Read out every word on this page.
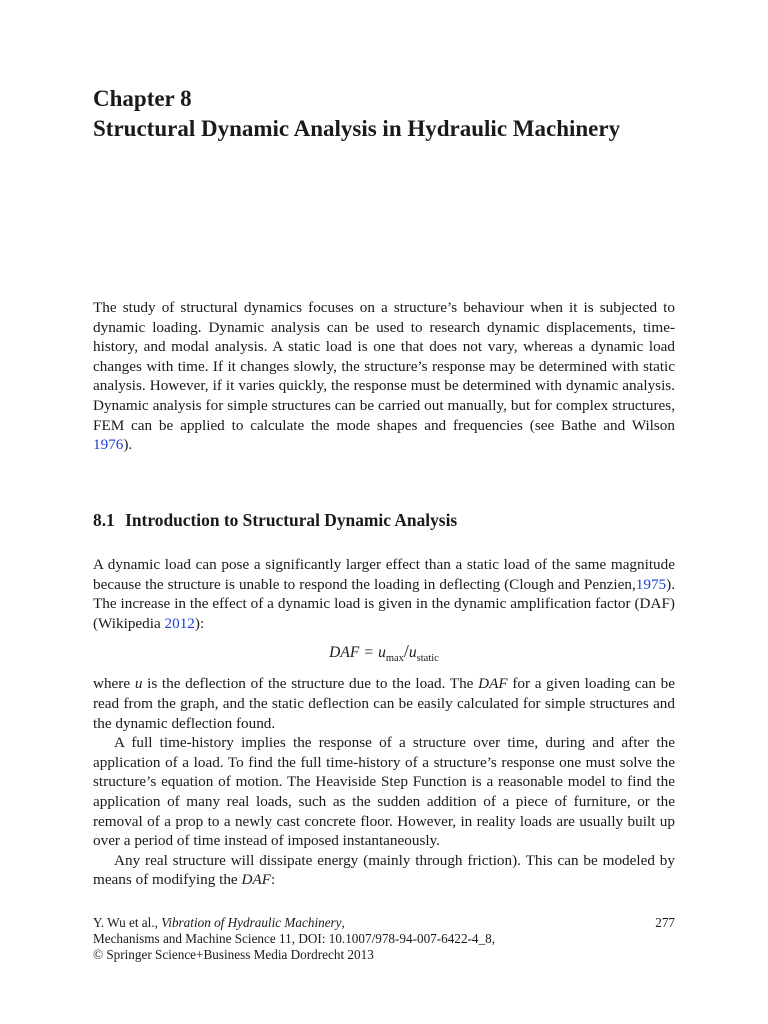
Chapter 8
Structural Dynamic Analysis in Hydraulic Machinery

The study of structural dynamics focuses on a structure’s behaviour when it is subjected to dynamic loading. Dynamic analysis can be used to research dynamic displacements, time-history, and modal analysis. A static load is one that does not vary, whereas a dynamic load changes with time. If it changes slowly, the structure’s response may be determined with static analysis. However, if it varies quickly, the response must be determined with dynamic analysis. Dynamic analysis for simple structures can be carried out manually, but for complex structures, FEM can be applied to calculate the mode shapes and frequencies (see Bathe and Wilson 1976).

8.1 Introduction to Structural Dynamic Analysis

A dynamic load can pose a significantly larger effect than a static load of the same magnitude because the structure is unable to respond the loading in deflecting (Clough and Penzien,1975). The increase in the effect of a dynamic load is given in the dynamic amplification factor (DAF) (Wikipedia 2012):

DAF = $u_{max}/u_{static}$

where u is the deflection of the structure due to the load. The DAF for a given loading can be read from the graph, and the static deflection can be easily calculated for simple structures and the dynamic deflection found.

A full time-history implies the response of a structure over time, during and after the application of a load. To find the full time-history of a structure’s response one must solve the structure’s equation of motion. The Heaviside Step Function is a reasonable model to find the application of many real loads, such as the sudden addition of a piece of furniture, or the removal of a prop to a newly cast concrete floor. However, in reality loads are usually built up over a period of time instead of imposed instantaneously.

Any real structure will dissipate energy (mainly through friction). This can be modeled by means of modifying the DAF:

Y. Wu et al., Vibration of Hydraulic Machinery,
Mechanisms and Machine Science 11, DOI: 10.1007/978-94-007-6422-4_8,
© Springer Science+Business Media Dordrecht 2013
277
